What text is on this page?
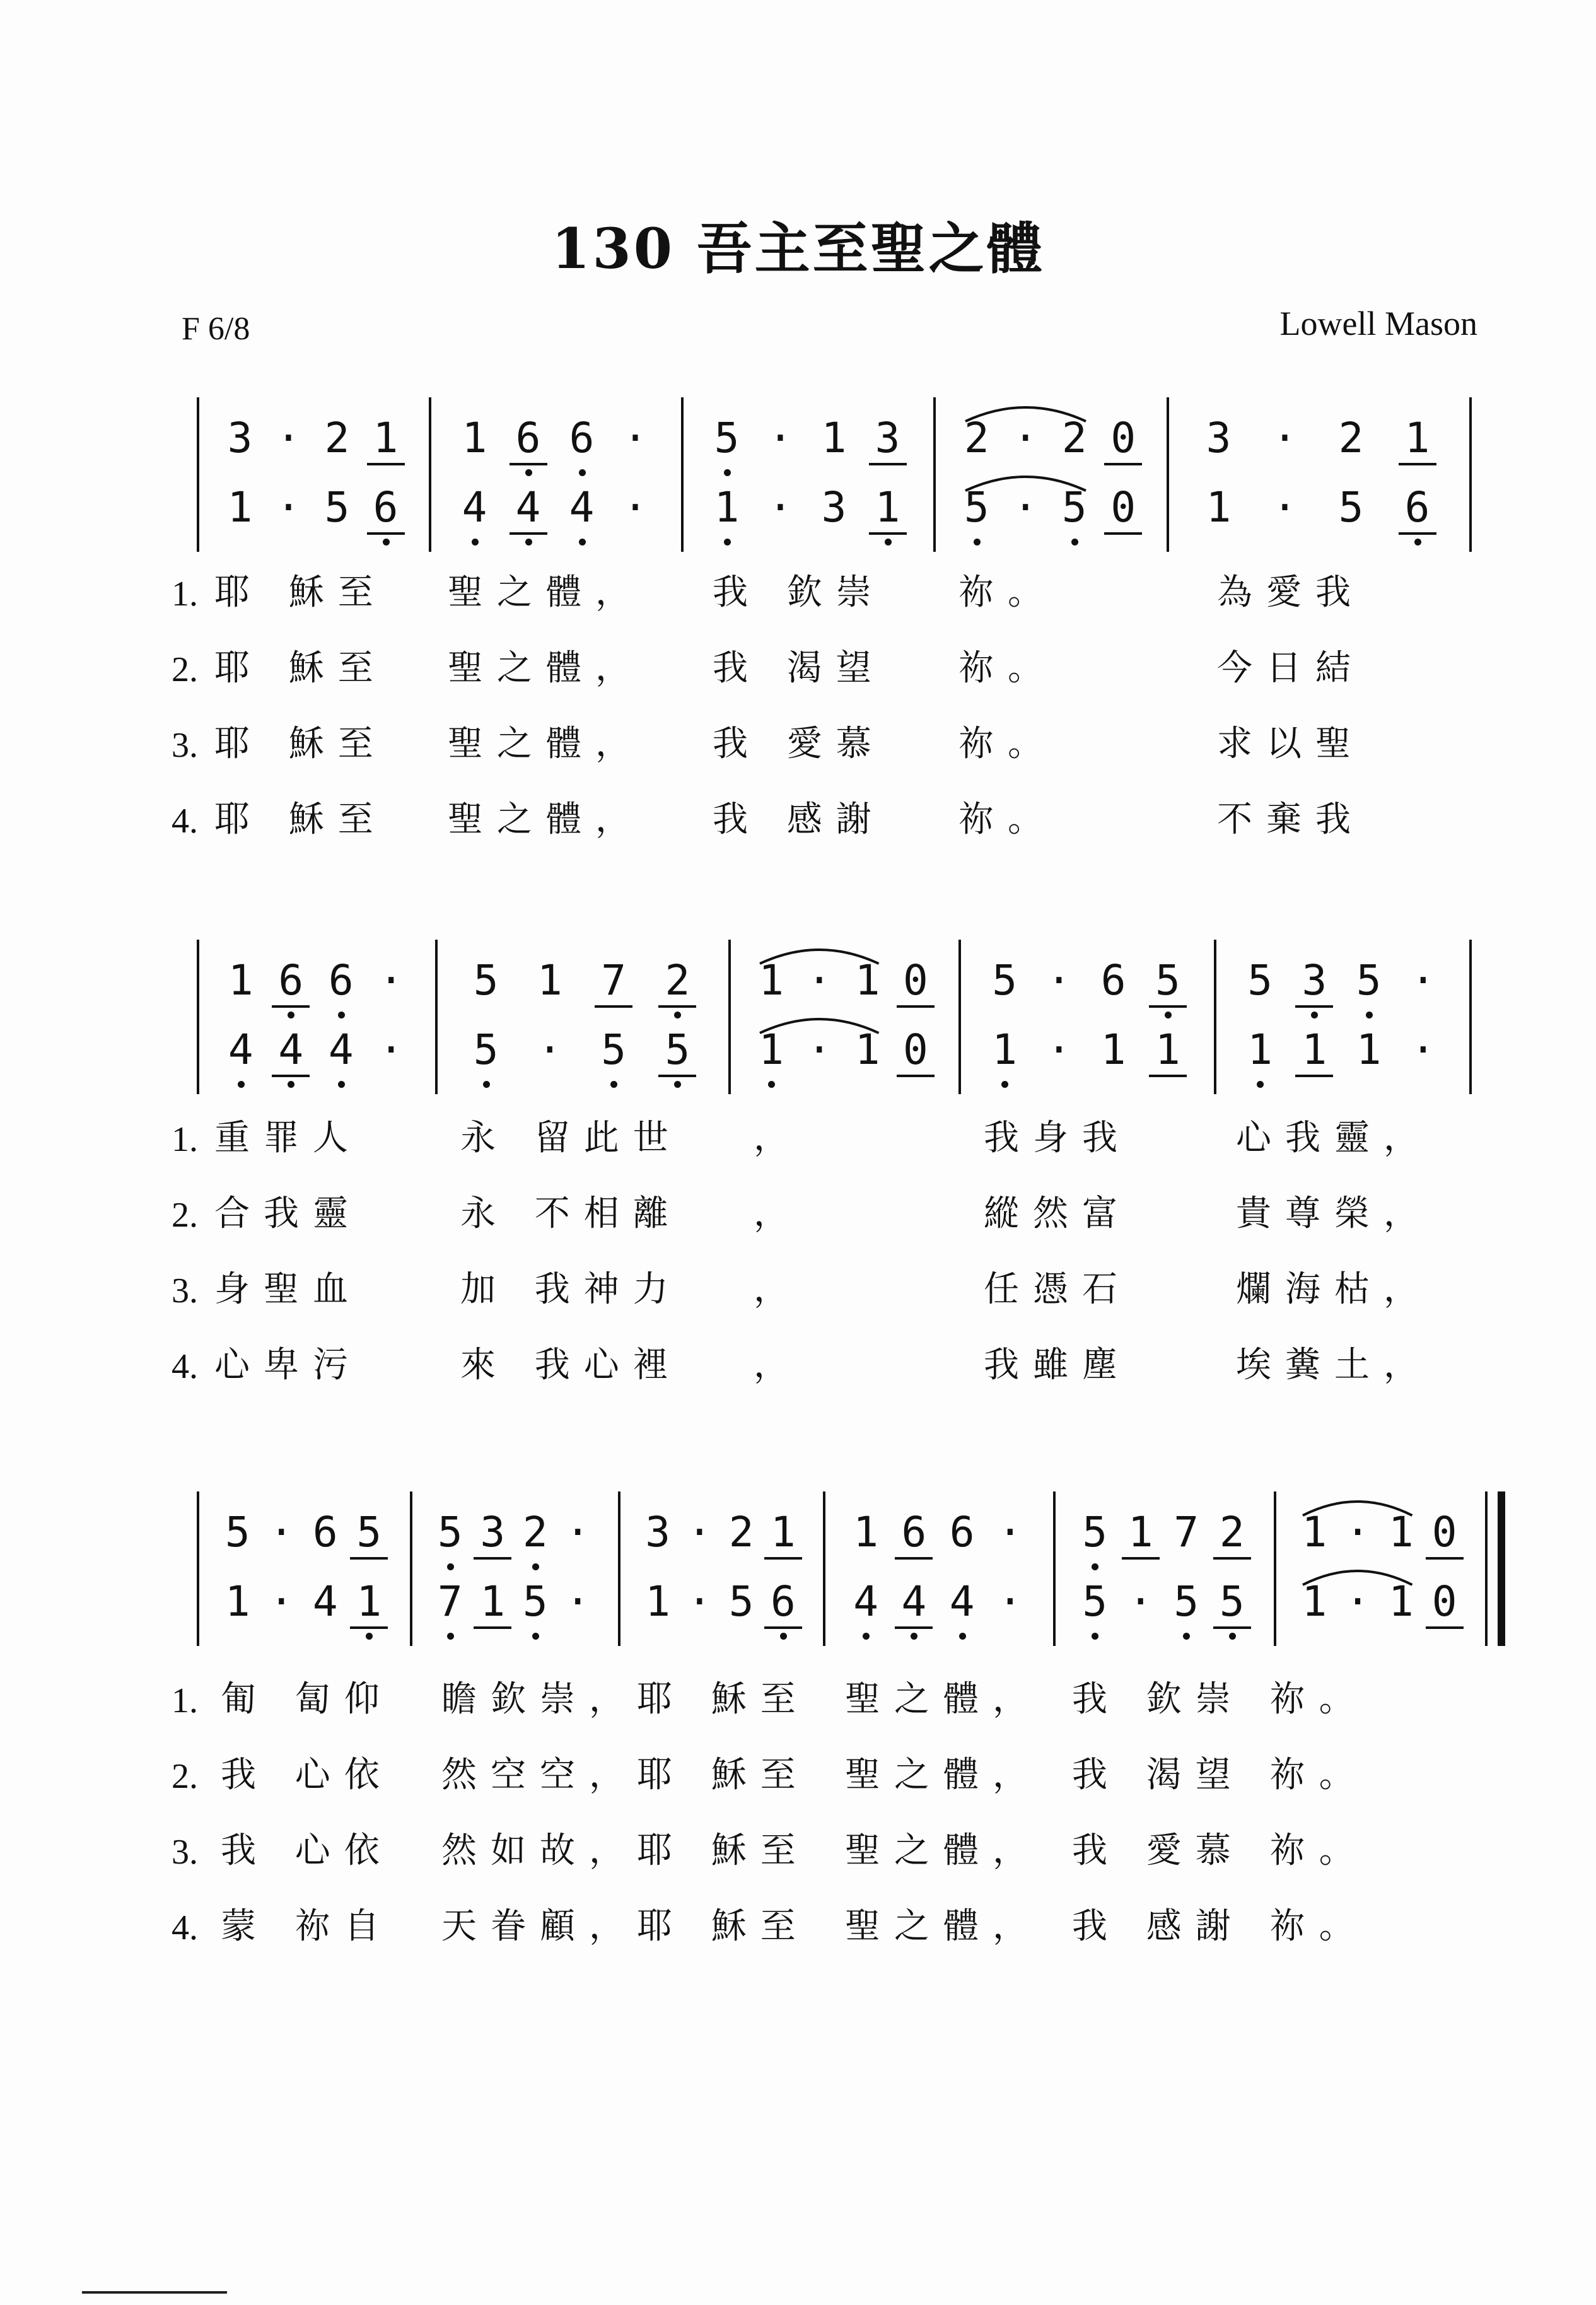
130 吾主至聖之體
F 6/8	Lowell Mason
3 · 2 1
1 · 5 6
1 6 6 ·
4 4 4 ·
5 · 1 3
1 · 3 1
2 · 2 0
5 · 5 0
3 · 2 1
1 · 5 6
1. 耶 穌至 聖之體， 我 欽崇 祢。	為愛我
2. 耶 穌至 聖之體， 我 渴望 祢。	今日結
3. 耶 穌至 聖之體， 我 愛慕 祢。	求以聖
4. 耶 穌至 聖之體， 我 感謝 祢。	不棄我
1 6 6 ·
4 4 4 ·
5 1 7 2
5 · 5 5
1 · 1 0
1 · 1 0
5 · 6 5
1 · 1 1
5 3 5 ·
1 1 1 ·
1. 重罪人	永 留此世 ，	我身我	心我靈，
2. 合我靈	永 不相離 ，	縱然富	貴尊榮，
3. 身聖血	加 我神力 ，	任憑石	爛海枯，
4. 心卑污	來 我心裡 ，	我雖塵	埃糞土，
5 · 6 5
1 · 4 1
5 3 2 ·
7 1 5 ·
3 · 2 1
1 · 5 6
1 6 6 ·
4 4 4 ·
5 1 7 2
5 · 5 5
1 · 1 0
1 · 1 0
1. 匍 匐仰 瞻欽崇，
耶 穌至 聖之體， 我 欽崇 祢。
2. 我 心依 然空空，
耶 穌至 聖之體， 我 渴望 祢。
3. 我 心依 然如故，
耶 穌至 聖之體， 我 愛慕 祢。
4. 蒙 祢自 天眷顧，
耶 穌至 聖之體， 我 感謝 祢。
